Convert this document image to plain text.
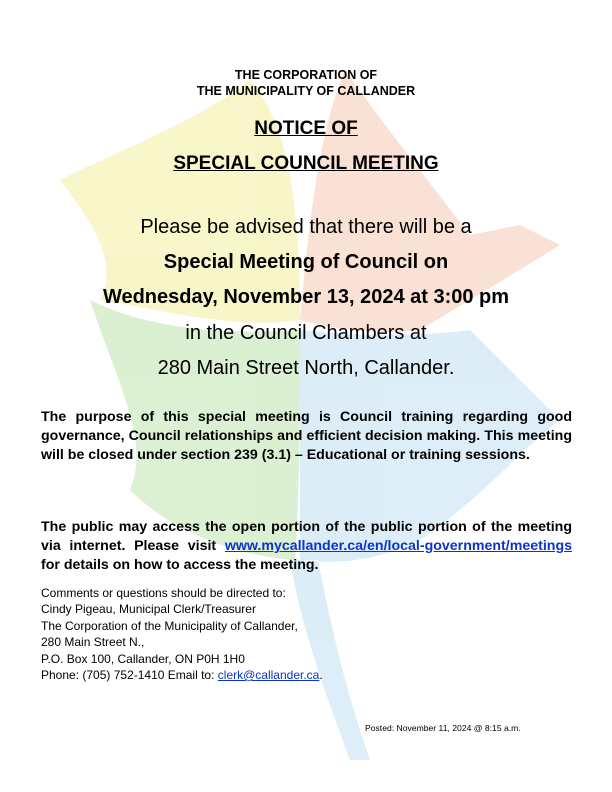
THE CORPORATION OF
THE MUNICIPALITY OF CALLANDER
NOTICE OF
SPECIAL COUNCIL MEETING
Please be advised that there will be a
Special Meeting of Council on
Wednesday, November 13, 2024 at 3:00 pm
in the Council Chambers at
280 Main Street North, Callander.
The purpose of this special meeting is Council training regarding good governance, Council relationships and efficient decision making. This meeting will be closed under section 239 (3.1) – Educational or training sessions.
The public may access the open portion of the public portion of the meeting via internet. Please visit www.mycallander.ca/en/local-government/meetings for details on how to access the meeting.
Comments or questions should be directed to:
Cindy Pigeau, Municipal Clerk/Treasurer
The Corporation of the Municipality of Callander,
280 Main Street N.,
P.O. Box 100, Callander, ON P0H 1H0
Phone: (705) 752-1410 Email to: clerk@callander.ca.
Posted: November 11, 2024 @ 8:15 a.m.
